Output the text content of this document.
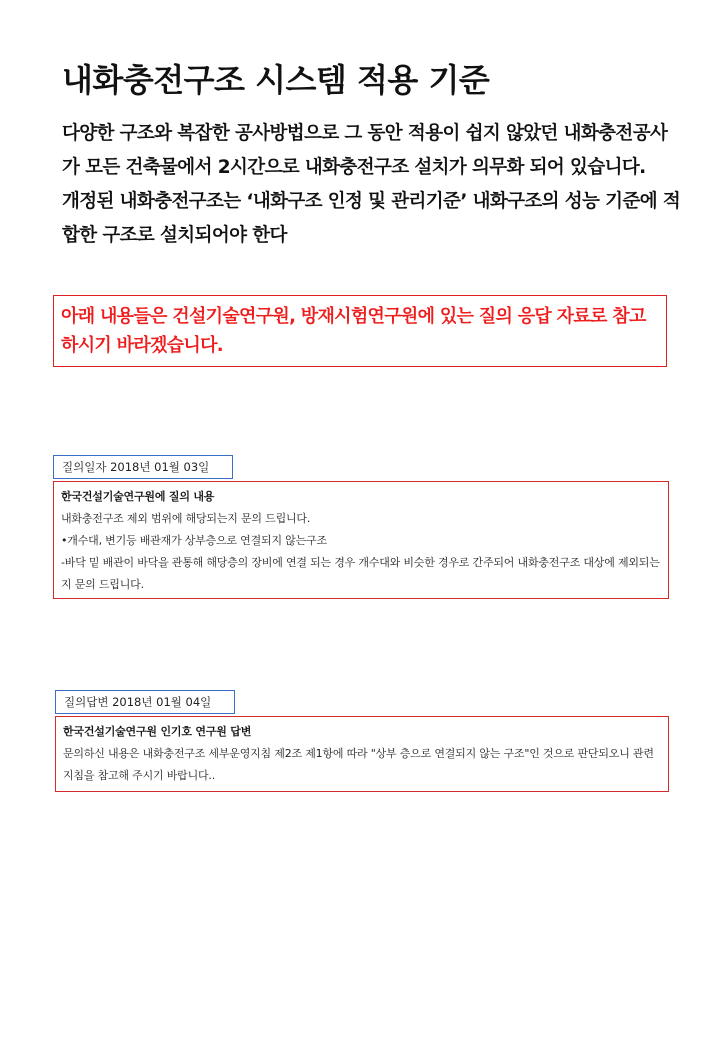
내화충전구조 시스템 적용 기준

다양한 구조와 복잡한 공사방법으로 그 동안 적용이 쉽지 않았던 내화충전공사가 모든 건축물에서 2시간으로 내화충전구조 설치가 의무화 되어 있습니다.

개정된 내화충전구조는 ‘내화구조 인정 및 관리기준’ 내화구조의 성능 기준에 적합한 구조로 설치되어야 한다

아래 내용들은 건설기술연구원, 방재시험연구원에 있는 질의 응답 자료로 참고하시기 바라겠습니다.
질의일자 2018년 01월 03일
한국건설기술연구원에 질의 내용

내화충전구조 제외 범위에 해당되는지 문의 드립니다.

•개수대, 변기등 배관재가 상부층으로 연결되지 않는구조

-바닥 밑 배관이 바닥을 관통해 해당층의 장비에 연결 되는 경우 개수대와 비슷한 경우로 간주되어 내화충전구조 대상에 제외되는지 문의 드립니다.

질의답변 2018년 01월 04일
한국건설기술연구원 인기호 연구원 답변

문의하신 내용은 내화충전구조 세부운영지침 제2조 제1항에 따라 "상부 층으로 연결되지 않는 구조"인 것으로 판단되오니 관련 지침을 참고해 주시기 바랍니다..
